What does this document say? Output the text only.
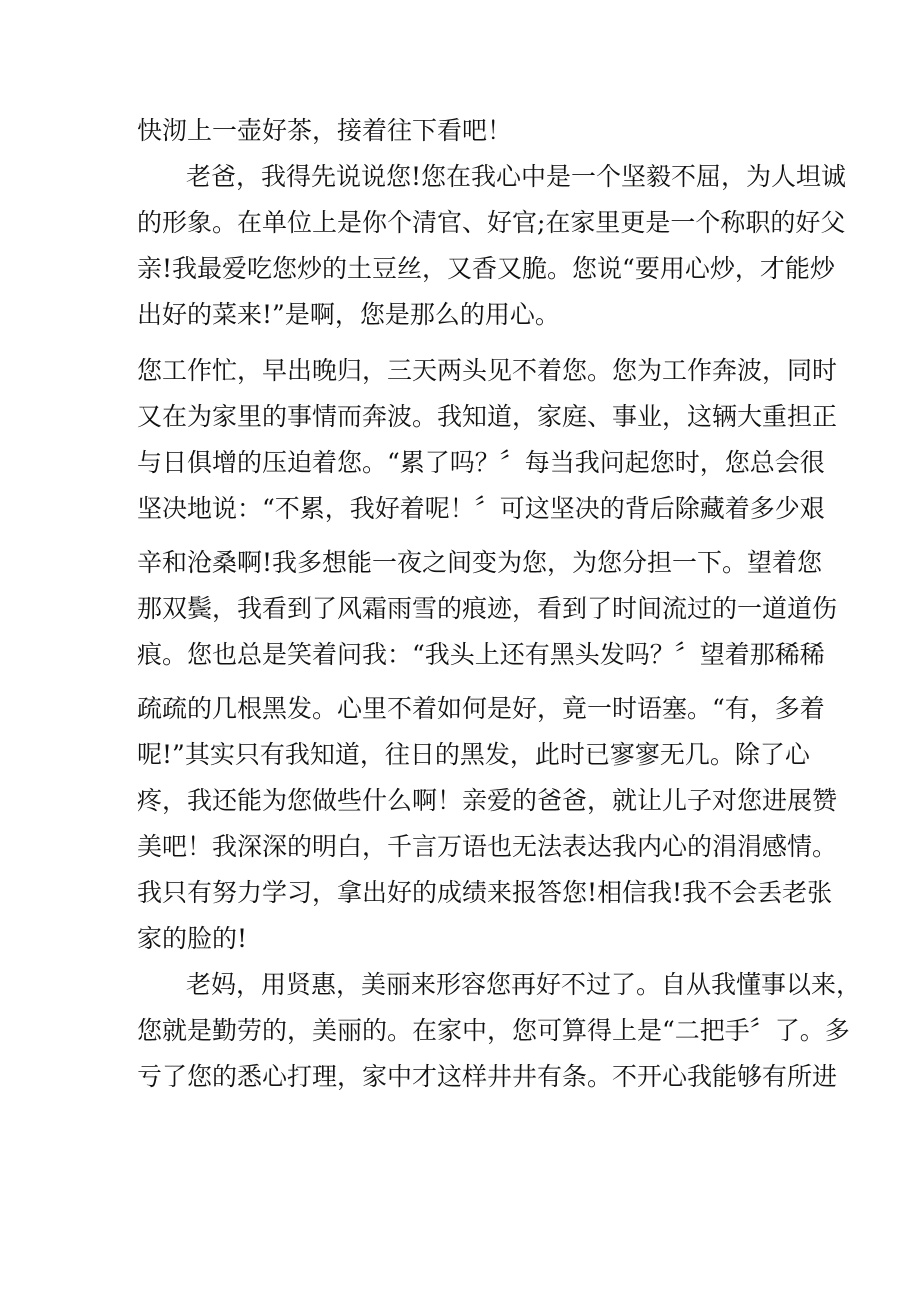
快沏上一壶好茶，接着往下看吧！
老爸，我得先说说您!您在我心中是一个坚毅不屈，为人坦诚
的形象。在单位上是你个清官、好官;在家里更是一个称职的好父
亲!我最爱吃您炒的土豆丝，又香又脆。您说“要用心炒，才能炒
出好的菜来!”是啊，您是那么的用心。
您工作忙，早出晚归，三天两头见不着您。您为工作奔波，同时
又在为家里的事情而奔波。我知道，家庭、事业，这辆大重担正
与日俱增的压迫着您。“累了吗？〞每当我问起您时，您总会很
坚决地说：“不累，我好着呢！〞可这坚决的背后除藏着多少艰
辛和沧桑啊!我多想能一夜之间变为您，为您分担一下。望着您
那双鬓，我看到了风霜雨雪的痕迹，看到了时间流过的一道道伤
痕。您也总是笑着问我：“我头上还有黑头发吗？〞望着那稀稀
疏疏的几根黑发。心里不着如何是好，竟一时语塞。“有，多着
呢!”其实只有我知道，往日的黑发，此时已寥寥无几。除了心
疼，我还能为您做些什么啊！亲爱的爸爸，就让儿子对您进展赞
美吧！我深深的明白，千言万语也无法表达我内心的涓涓感情。
我只有努力学习，拿出好的成绩来报答您!相信我!我不会丢老张
家的脸的!
老妈，用贤惠，美丽来形容您再好不过了。自从我懂事以来，
您就是勤劳的，美丽的。在家中，您可算得上是“二把手〞了。多
亏了您的悉心打理，家中才这样井井有条。不开心我能够有所进
